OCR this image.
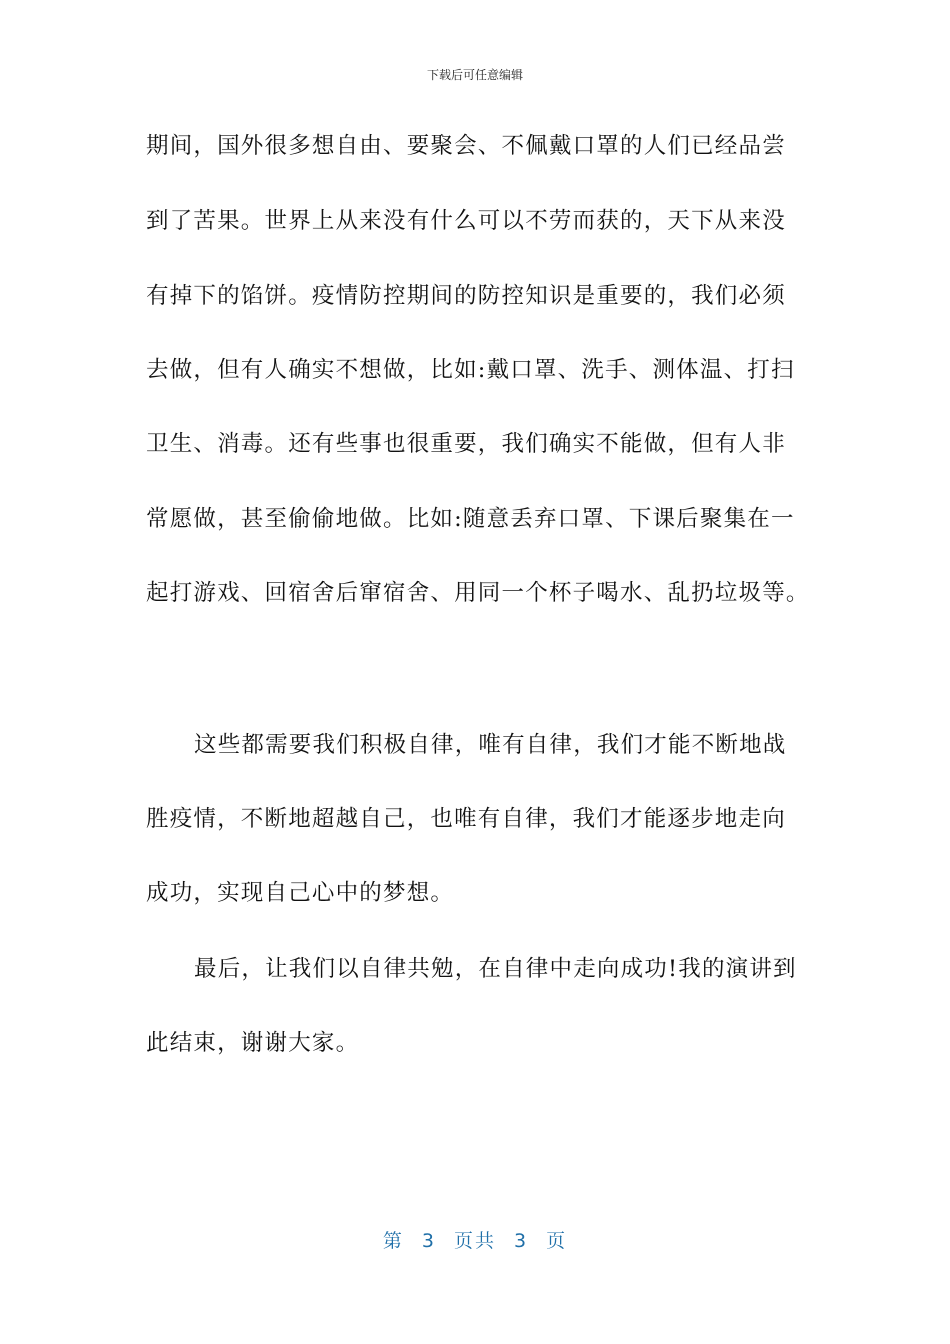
下载后可任意编辑
期间，国外很多想自由、要聚会、不佩戴口罩的人们已经品尝
到了苦果。世界上从来没有什么可以不劳而获的，天下从来没
有掉下的馅饼。疫情防控期间的防控知识是重要的，我们必须
去做，但有人确实不想做，比如:戴口罩、洗手、测体温、打扫
卫生、消毒。还有些事也很重要，我们确实不能做，但有人非
常愿做，甚至偷偷地做。比如:随意丢弃口罩、下课后聚集在一
起打游戏、回宿舍后窜宿舍、用同一个杯子喝水、乱扔垃圾等。
这些都需要我们积极自律，唯有自律，我们才能不断地战
胜疫情，不断地超越自己，也唯有自律，我们才能逐步地走向
成功，实现自己心中的梦想。
最后，让我们以自律共勉，在自律中走向成功!我的演讲到
此结束，谢谢大家。
第 3 页共 3 页
